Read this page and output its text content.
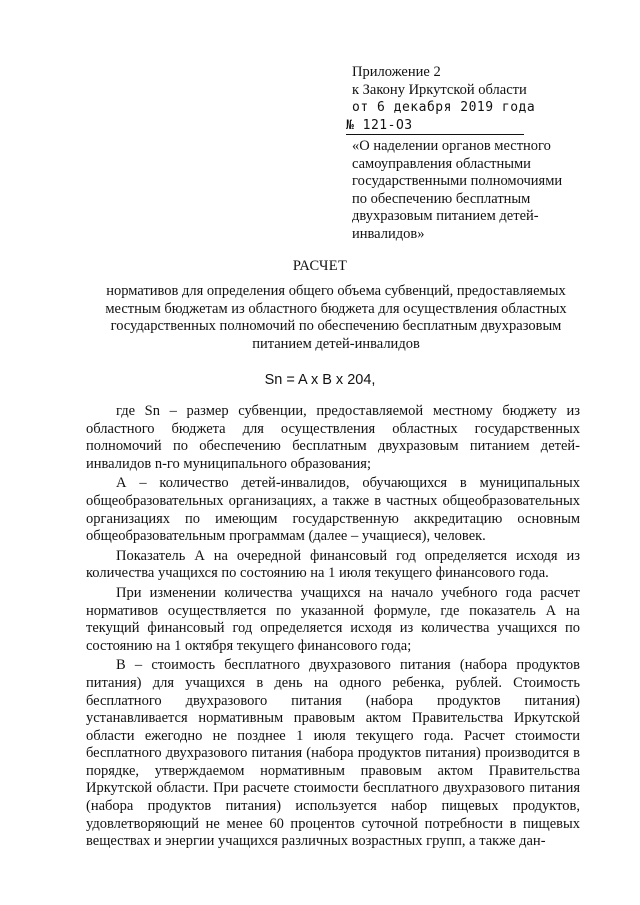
Приложение 2
к Закону Иркутской области
от 6 декабря 2019 года
№ 121-ОЗ
«О наделении органов местного
самоуправления областными
государственными полномочиями
по обеспечению бесплатным
двухразовым питанием детей-
инвалидов»
РАСЧЕТ
нормативов для определения общего объема субвенций, предоставляемых местным бюджетам из областного бюджета для осуществления областных государственных полномочий по обеспечению бесплатным двухразовым питанием детей-инвалидов
Sn = A x B x 204,

где Sn – размер субвенции, предоставляемой местному бюджету из областного бюджета для осуществления областных государственных полномочий по обеспечению бесплатным двухразовым питанием детей-инвалидов n-го муниципального образования;

А – количество детей-инвалидов, обучающихся в муниципальных общеобразовательных организациях, а также в частных общеобразовательных организациях по имеющим государственную аккредитацию основным общеобразовательным программам (далее – учащиеся), человек.

Показатель А на очередной финансовый год определяется исходя из количества учащихся по состоянию на 1 июля текущего финансового года.

При изменении количества учащихся на начало учебного года расчет нормативов осуществляется по указанной формуле, где показатель А на текущий финансовый год определяется исходя из количества учащихся по состоянию на 1 октября текущего финансового года;

В – стоимость бесплатного двухразового питания (набора продуктов питания) для учащихся в день на одного ребенка, рублей. Стоимость бесплатного двухразового питания (набора продуктов питания) устанавливается нормативным правовым актом Правительства Иркутской области ежегодно не позднее 1 июля текущего года. Расчет стоимости бесплатного двухразового питания (набора продуктов питания) производится в порядке, утверждаемом нормативным правовым актом Правительства Иркутской области. При расчете стоимости бесплатного двухразового питания (набора продуктов питания) используется набор пищевых продуктов, удовлетворяющий не менее 60 процентов суточной потребности в пищевых веществах и энергии учащихся различных возрастных групп, а также дан-
